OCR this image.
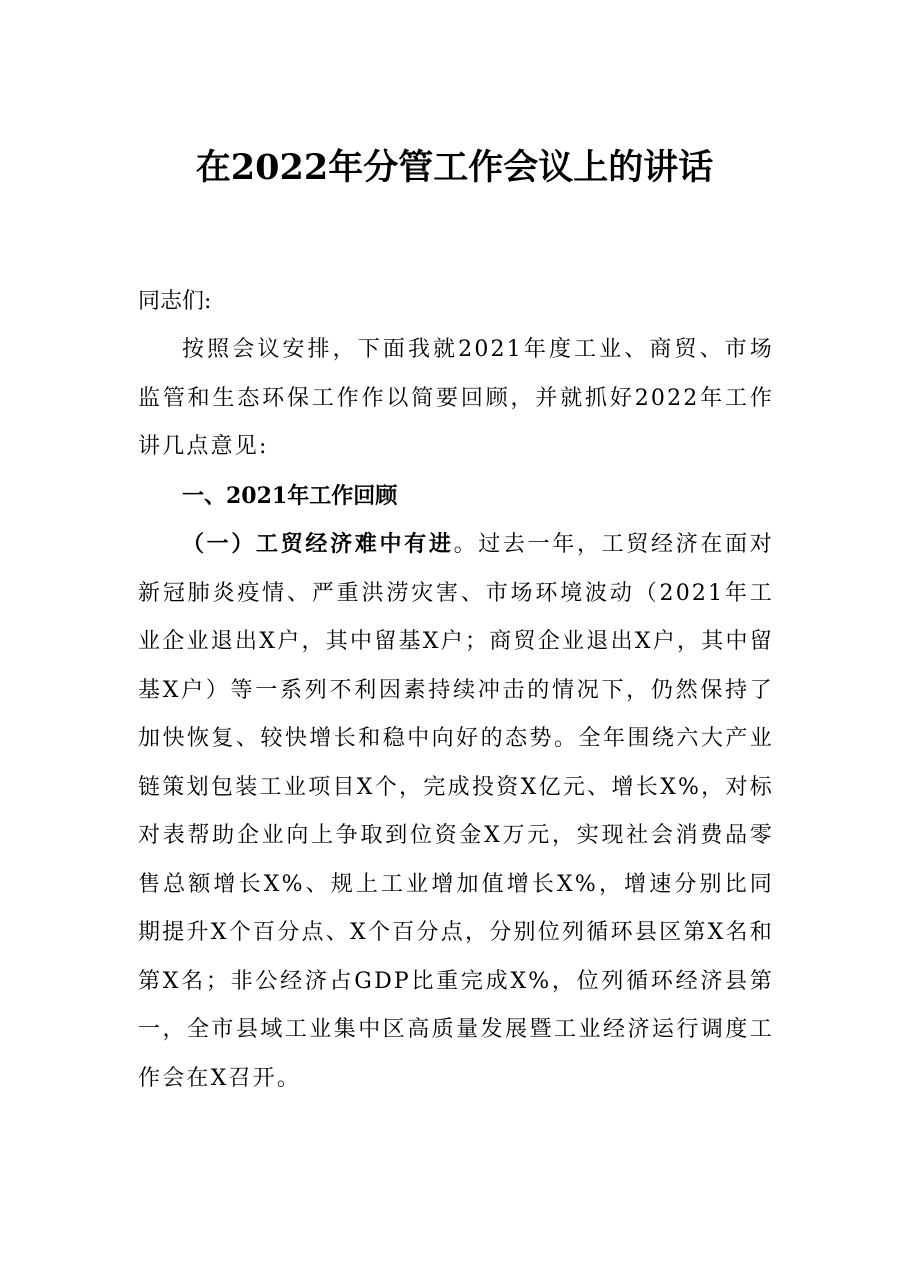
在2022年分管工作会议上的讲话

同志们:

按照会议安排，下面我就2021年度工业、商贸、市场监管和生态环保工作作以简要回顾，并就抓好2022年工作讲几点意见:

一、2021年工作回顾

（一）工贸经济难中有进。过去一年，工贸经济在面对新冠肺炎疫情、严重洪涝灾害、市场环境波动（2021年工业企业退出X户，其中留基X户；商贸企业退出X户，其中留基X户）等一系列不利因素持续冲击的情况下，仍然保持了加快恢复、较快增长和稳中向好的态势。全年围绕六大产业链策划包装工业项目X个，完成投资X亿元、增长X%，对标对表帮助企业向上争取到位资金X万元，实现社会消费品零售总额增长X%、规上工业增加值增长X%，增速分别比同期提升X个百分点、X个百分点，分别位列循环县区第X名和第X名；非公经济占GDP比重完成X%，位列循环经济县第一，全市县域工业集中区高质量发展暨工业经济运行调度工作会在X召开。
